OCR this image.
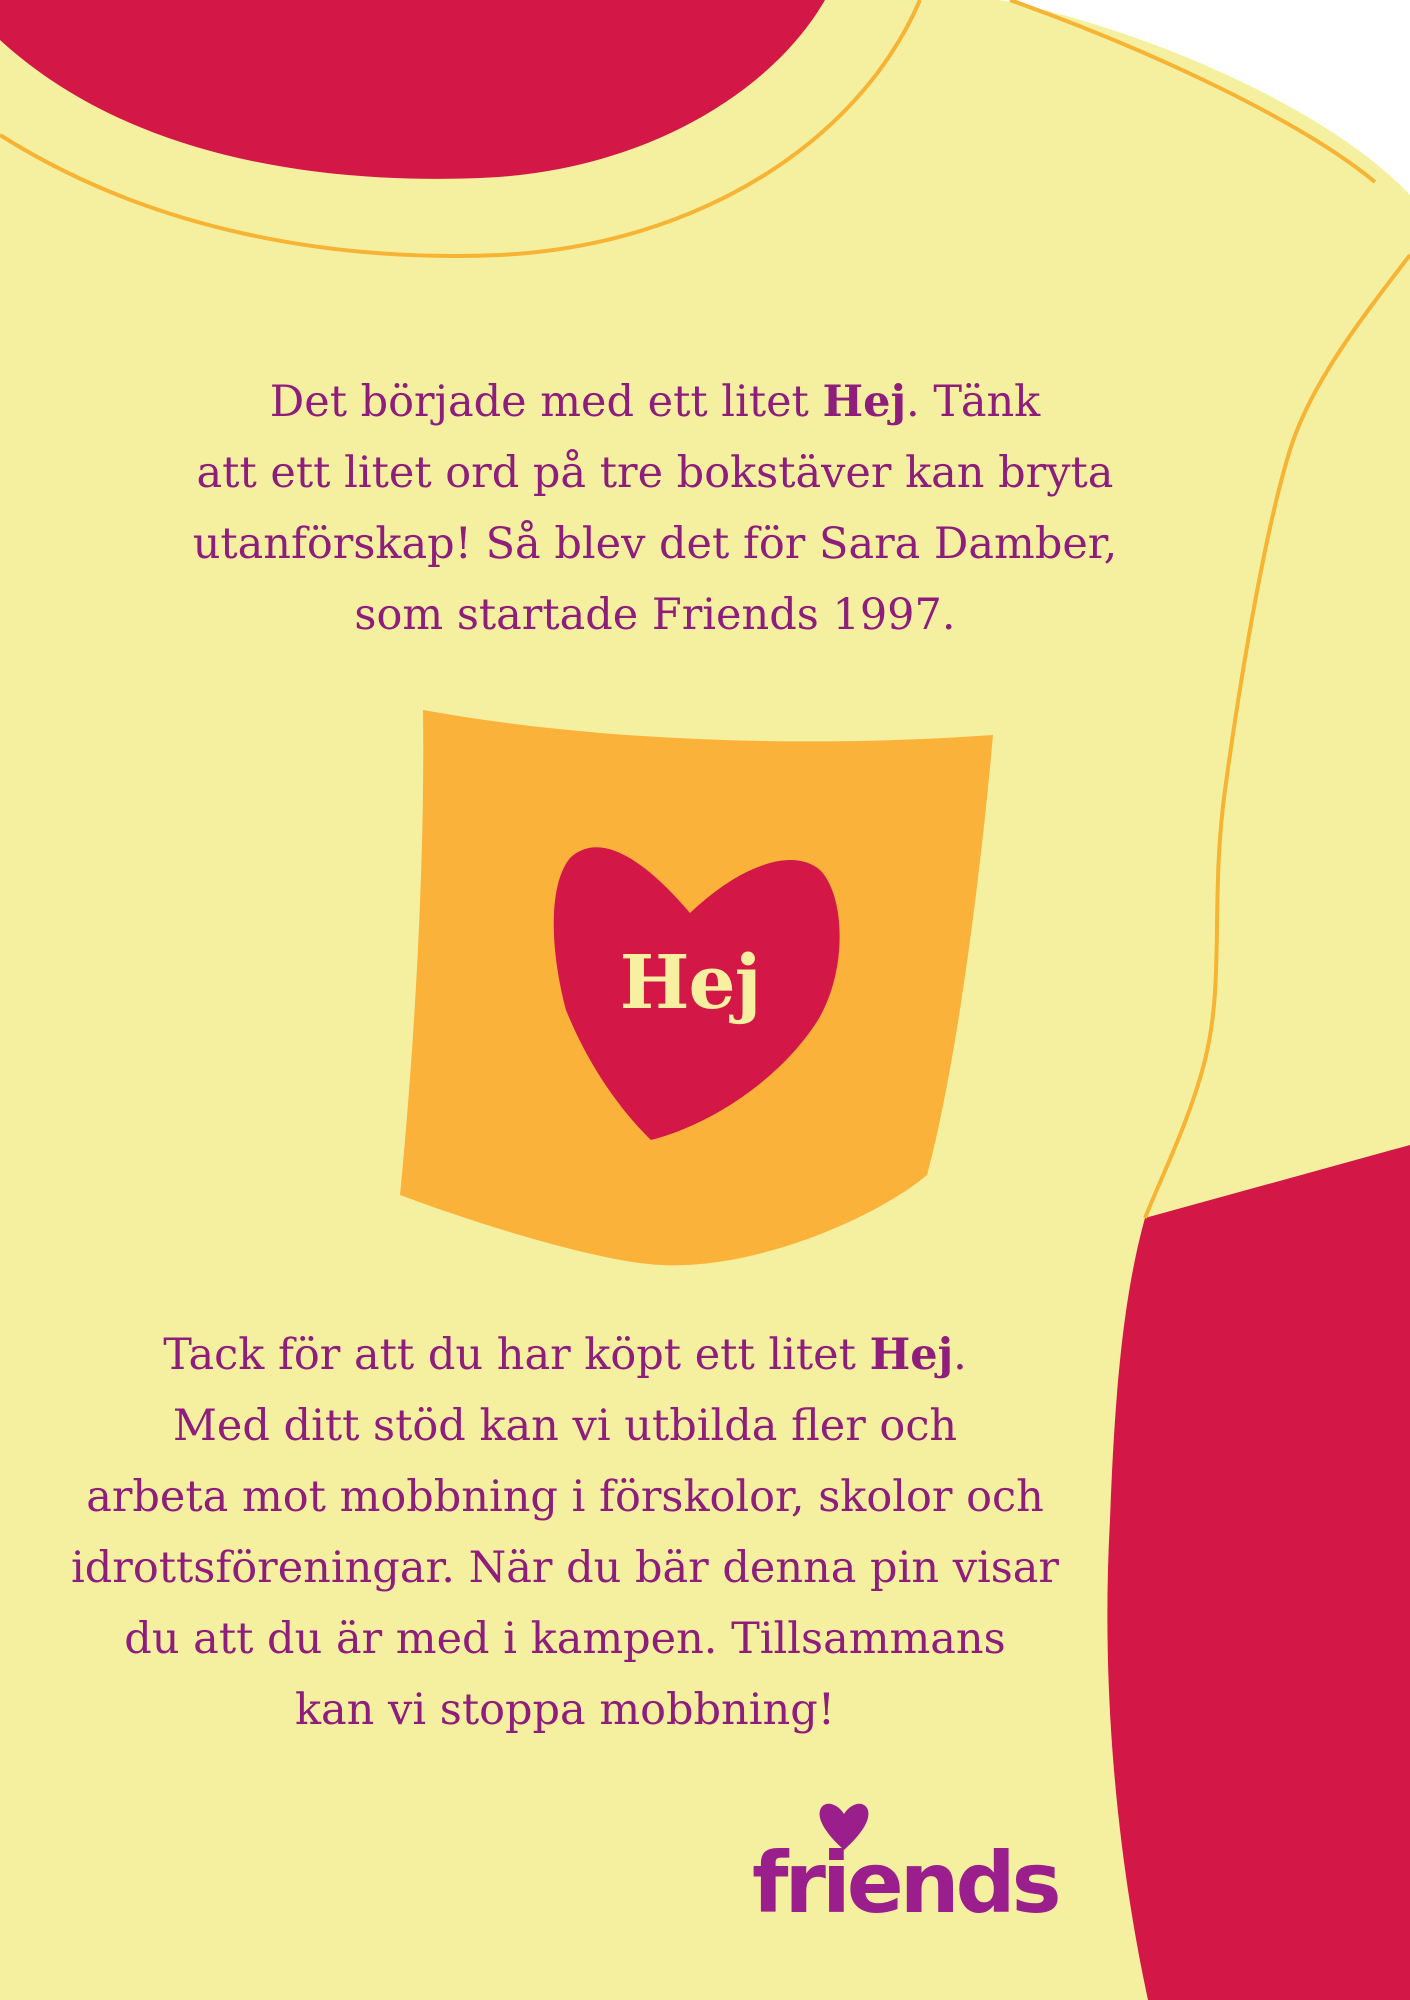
Det började med ett litet Hej. Tänk
att ett litet ord på tre bokstäver kan bryta
utanförskap! Så blev det för Sara Damber,
som startade Friends 1997.

Hej

Tack för att du har köpt ett litet Hej.
Med ditt stöd kan vi utbilda fler och
arbeta mot mobbning i förskolor, skolor och
idrottsföreningar. När du bär denna pin visar
du att du är med i kampen. Tillsammans
kan vi stoppa mobbning!

friends
